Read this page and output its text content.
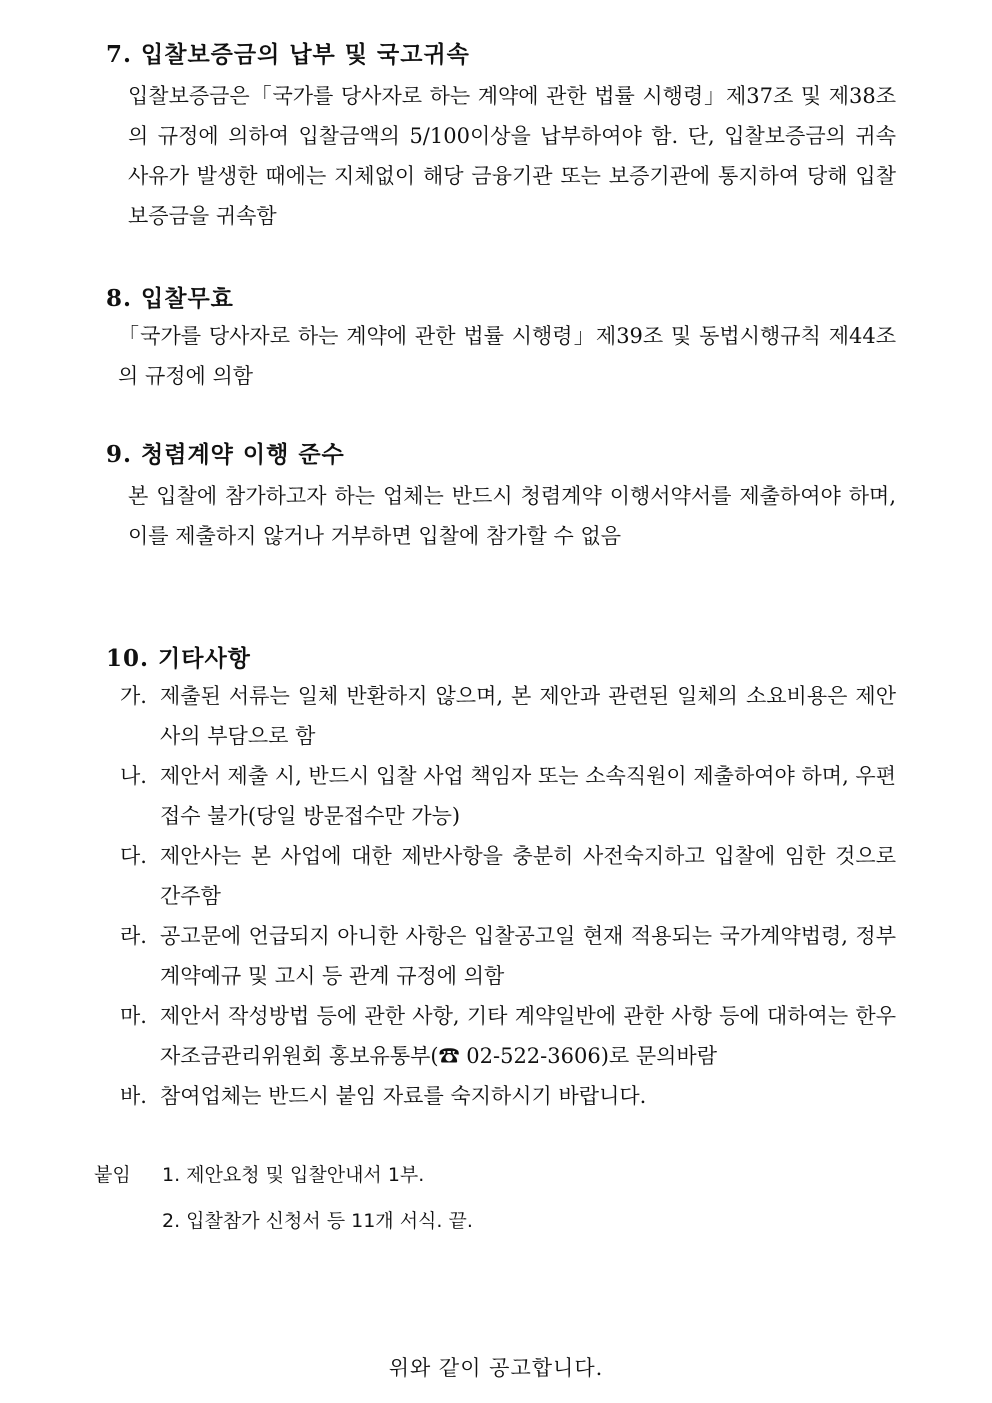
7. 입찰보증금의 납부 및 국고귀속

입찰보증금은「국가를 당사자로 하는 계약에 관한 법률 시행령」제37조 및 제38조의 규정에 의하여 입찰금액의 5/100이상을 납부하여야 함. 단, 입찰보증금의 귀속 사유가 발생한 때에는 지체없이 해당 금융기관 또는 보증기관에 통지하여 당해 입찰보증금을 귀속함

8. 입찰무효

「국가를 당사자로 하는 계약에 관한 법률 시행령」제39조 및 동법시행규칙 제44조의 규정에 의함

9. 청렴계약 이행 준수

본 입찰에 참가하고자 하는 업체는 반드시 청렴계약 이행서약서를 제출하여야 하며, 이를 제출하지 않거나 거부하면 입찰에 참가할 수 없음

10. 기타사항
가. 제출된 서류는 일체 반환하지 않으며, 본 제안과 관련된 일체의 소요비용은 제안사의 부담으로 함
나. 제안서 제출 시, 반드시 입찰 사업 책임자 또는 소속직원이 제출하여야 하며, 우편접수 불가(당일 방문접수만 가능)
다. 제안사는 본 사업에 대한 제반사항을 충분히 사전숙지하고 입찰에 임한 것으로 간주함
라. 공고문에 언급되지 아니한 사항은 입찰공고일 현재 적용되는 국가계약법령, 정부 계약예규 및 고시 등 관계 규정에 의함
마. 제안서 작성방법 등에 관한 사항, 기타 계약일반에 관한 사항 등에 대하여는 한우자조금관리위원회 홍보유통부(☎ 02-522-3606)로 문의바람
바. 참여업체는 반드시 붙임 자료를 숙지하시기 바랍니다.
붙임 1. 제안요청 및 입찰안내서 1부.
2. 입찰참가 신청서 등 11개 서식. 끝.
위와 같이 공고합니다.
